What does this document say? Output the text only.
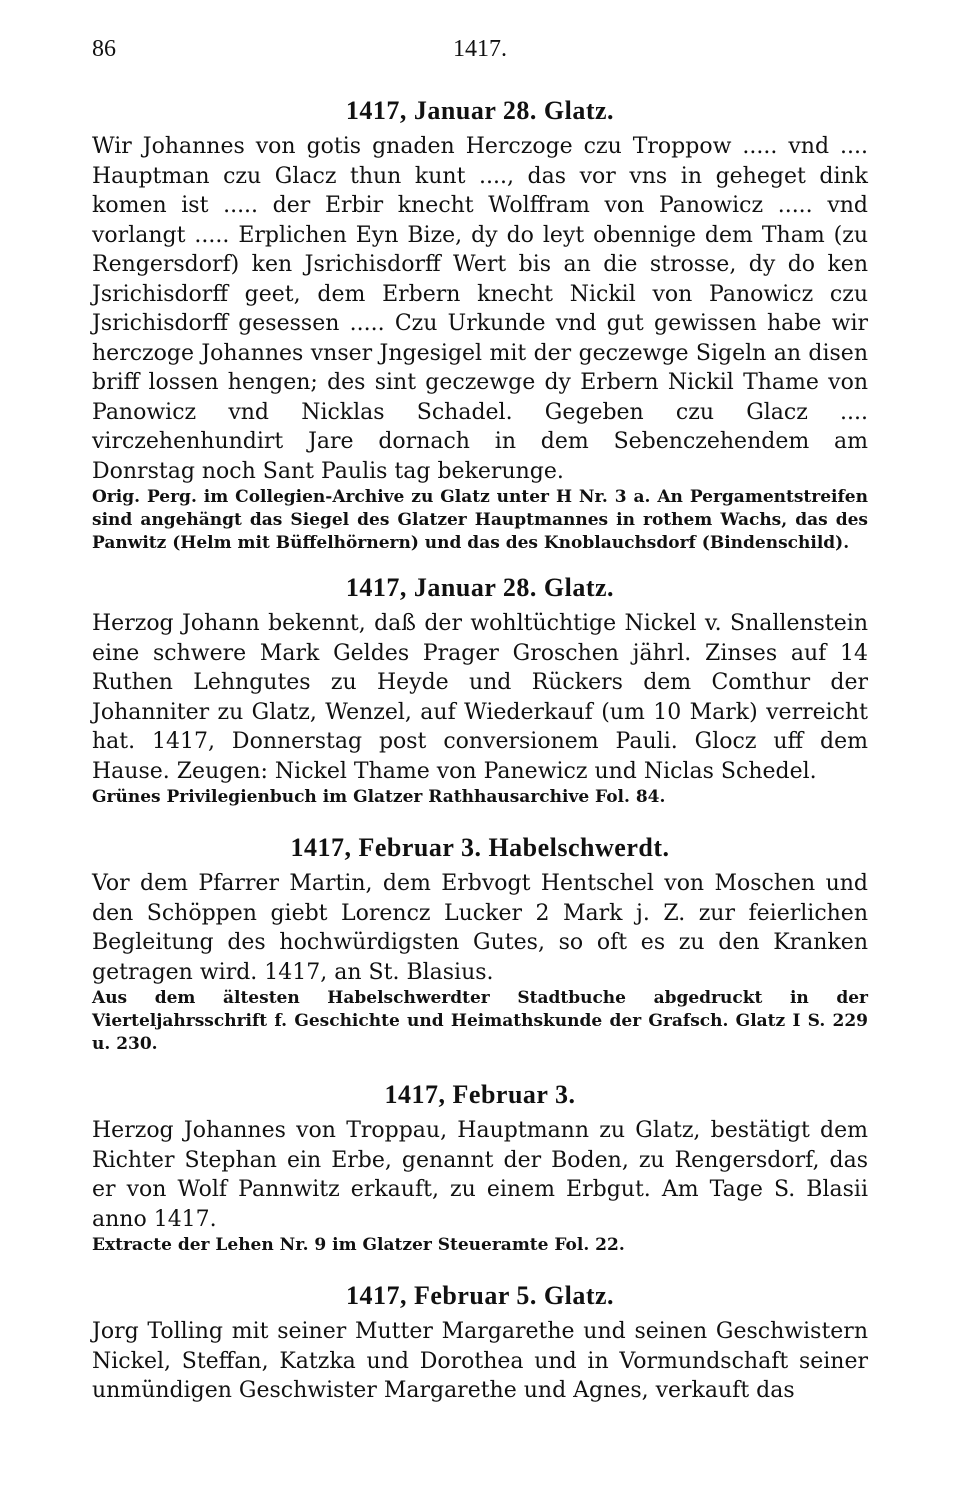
86	1417.
1417, Januar 28. Glatz.

Wir Johannes von gotis gnaden Herczoge czu Troppow ..... vnd .... Hauptman czu Glacz thun kunt ...., das vor vns in geheget dink komen ist ..... der Erbir knecht Wolffram von Panowicz ..... vnd vorlangt ..... Erplichen Eyn Bize, dy do leyt obennige dem Tham (zu Rengersdorf) ken Jsrichisdorff Wert bis an die strosse, dy do ken Jsrichisdorff geet, dem Erbern knecht Nickil von Panowicz czu Jsrichisdorff gesessen ..... Czu Urkunde vnd gut gewissen habe wir herczoge Johannes vnser Jngesigel mit der geczewge Sigeln an disen briff lossen hengen; des sint geczewge dy Erbern Nickil Thame von Panowicz vnd Nicklas Schadel. Gegeben czu Glacz .... virczehenhundirt Jare dornach in dem Sebenczehendem am Donrstag noch Sant Paulis tag bekerunge.

Orig. Perg. im Collegien-Archive zu Glatz unter H Nr. 3 a. An Pergamentstreifen sind angehängt das Siegel des Glatzer Hauptmannes in rothem Wachs, das des Panwitz (Helm mit Büffelhörnern) und das des Knoblauchsdorf (Bindenschild).

1417, Januar 28. Glatz.

Herzog Johann bekennt, daß der wohltüchtige Nickel v. Snallenstein eine schwere Mark Geldes Prager Groschen jährl. Zinses auf 14 Ruthen Lehngutes zu Heyde und Rückers dem Comthur der Johanniter zu Glatz, Wenzel, auf Wiederkauf (um 10 Mark) verreicht hat. 1417, Donnerstag post conversionem Pauli. Glocz uff dem Hause. Zeugen: Nickel Thame von Panewicz und Niclas Schedel.

Grünes Privilegienbuch im Glatzer Rathhausarchive Fol. 84.

1417, Februar 3. Habelschwerdt.

Vor dem Pfarrer Martin, dem Erbvogt Hentschel von Moschen und den Schöppen giebt Lorencz Lucker 2 Mark j. Z. zur feierlichen Begleitung des hochwürdigsten Gutes, so oft es zu den Kranken getragen wird. 1417, an St. Blasius.

Aus dem ältesten Habelschwerdter Stadtbuche abgedruckt in der Vierteljahrsschrift f. Geschichte und Heimathskunde der Grafsch. Glatz I S. 229 u. 230.

1417, Februar 3.

Herzog Johannes von Troppau, Hauptmann zu Glatz, bestätigt dem Richter Stephan ein Erbe, genannt der Boden, zu Rengersdorf, das er von Wolf Pannwitz erkauft, zu einem Erbgut. Am Tage S. Blasii anno 1417.

Extracte der Lehen Nr. 9 im Glatzer Steueramte Fol. 22.

1417, Februar 5. Glatz.

Jorg Tolling mit seiner Mutter Margarethe und seinen Geschwistern Nickel, Steffan, Katzka und Dorothea und in Vormundschaft seiner unmündigen Geschwister Margarethe und Agnes, verkauft das
